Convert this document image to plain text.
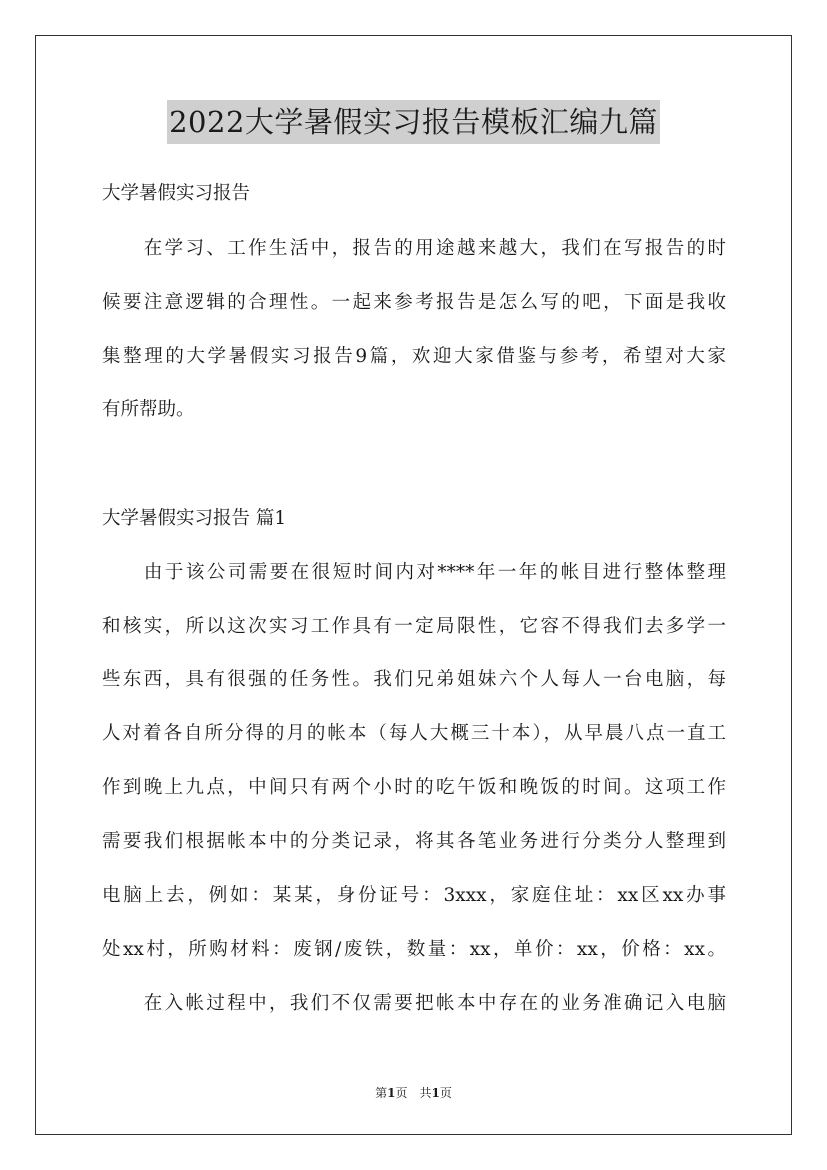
2022大学暑假实习报告模板汇编九篇
大学暑假实习报告
　　在学习、工作生活中，报告的用途越来越大，我们在写报告的时
候要注意逻辑的合理性。一起来参考报告是怎么写的吧，下面是我收
集整理的大学暑假实习报告9篇，欢迎大家借鉴与参考，希望对大家
有所帮助。
大学暑假实习报告 篇1
　　由于该公司需要在很短时间内对****年一年的帐目进行整体整理
和核实，所以这次实习工作具有一定局限性，它容不得我们去多学一
些东西，具有很强的任务性。我们兄弟姐妹六个人每人一台电脑，每
人对着各自所分得的月的帐本（每人大概三十本），从早晨八点一直工
作到晚上九点，中间只有两个小时的吃午饭和晚饭的时间。这项工作
需要我们根据帐本中的分类记录，将其各笔业务进行分类分人整理到
电脑上去，例如：某某，身份证号：3xxx，家庭住址：xx区xx办事
处xx村，所购材料：废钢/废铁，数量：xx，单价：xx，价格：xx。
　　在入帐过程中，我们不仅需要把帐本中存在的业务准确记入电脑
第1页　共1页
